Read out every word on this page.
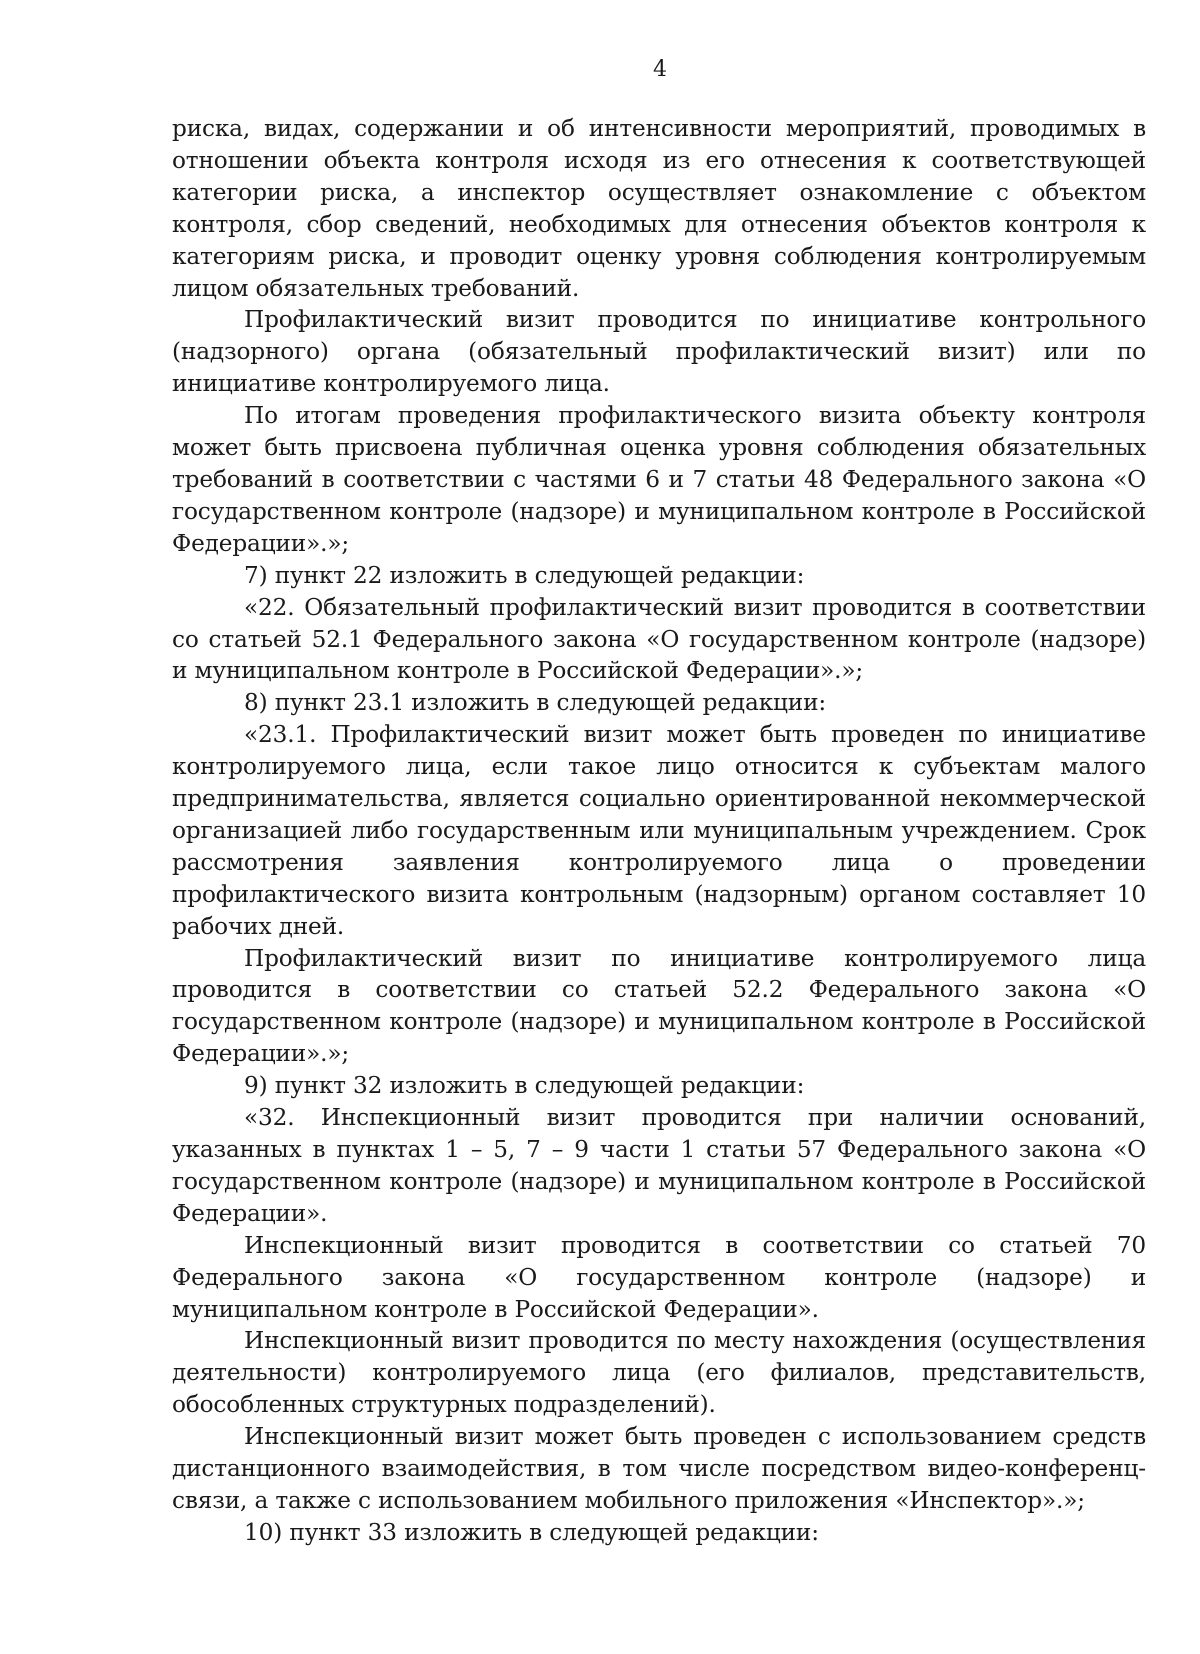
4

риска, видах, содержании и об интенсивности мероприятий, проводимых в отношении объекта контроля исходя из его отнесения к соответствующей категории риска, а инспектор осуществляет ознакомление с объектом контроля, сбор сведений, необходимых для отнесения объектов контроля к категориям риска, и проводит оценку уровня соблюдения контролируемым лицом обязательных требований.

Профилактический визит проводится по инициативе контрольного (надзорного) органа (обязательный профилактический визит) или по инициативе контролируемого лица.

По итогам проведения профилактического визита объекту контроля может быть присвоена публичная оценка уровня соблюдения обязательных требований в соответствии с частями 6 и 7 статьи 48 Федерального закона «О государственном контроле (надзоре) и муниципальном контроле в Российской Федерации».»;

7) пункт 22 изложить в следующей редакции:

«22. Обязательный профилактический визит проводится в соответствии со статьей 52.1 Федерального закона «О государственном контроле (надзоре) и муниципальном контроле в Российской Федерации».»;

8) пункт 23.1 изложить в следующей редакции:

«23.1. Профилактический визит может быть проведен по инициативе контролируемого лица, если такое лицо относится к субъектам малого предпринимательства, является социально ориентированной некоммерческой организацией либо государственным или муниципальным учреждением. Срок рассмотрения заявления контролируемого лица о проведении профилактического визита контрольным (надзорным) органом составляет 10 рабочих дней.

Профилактический визит по инициативе контролируемого лица проводится в соответствии со статьей 52.2 Федерального закона «О государственном контроле (надзоре) и муниципальном контроле в Российской Федерации».»;

9) пункт 32 изложить в следующей редакции:

«32. Инспекционный визит проводится при наличии оснований, указанных в пунктах 1 – 5, 7 – 9 части 1 статьи 57 Федерального закона «О государственном контроле (надзоре) и муниципальном контроле в Российской Федерации».

Инспекционный визит проводится в соответствии со статьей 70 Федерального закона «О государственном контроле (надзоре) и муниципальном контроле в Российской Федерации».

Инспекционный визит проводится по месту нахождения (осуществления деятельности) контролируемого лица (его филиалов, представительств, обособленных структурных подразделений).

Инспекционный визит может быть проведен с использованием средств дистанционного взаимодействия, в том числе посредством видео-конференц-связи, а также с использованием мобильного приложения «Инспектор».»;

10) пункт 33 изложить в следующей редакции:
